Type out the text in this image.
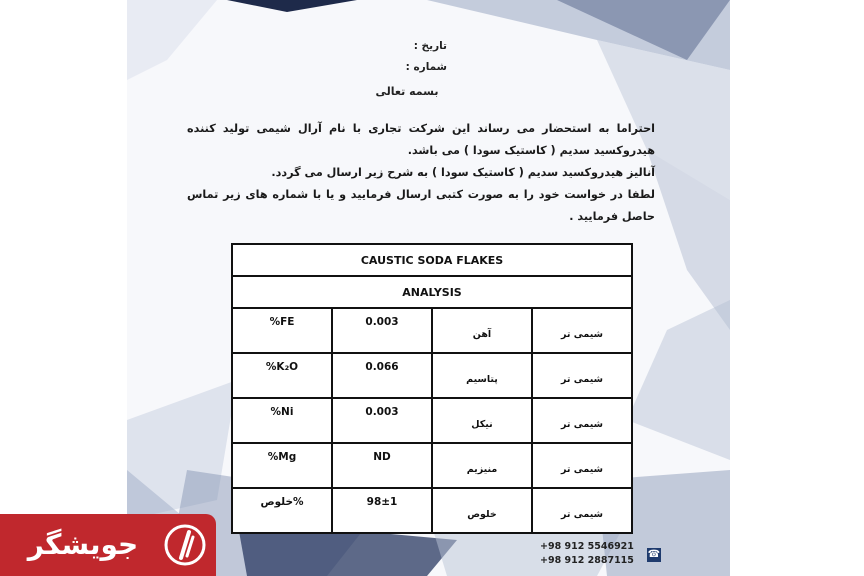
تاریخ :
شماره :
بسمه تعالی

احتراما به استحضار می رساند این شرکت تجاری با نام آرال شیمی تولید کننده

هیدروکسید سدیم ( کاستیک سودا ) می باشد.

آنالیز هیدروکسید سدیم ( کاستیک سودا ) به شرح زیر ارسال می گردد.

لطفا در خواست خود را به صورت کتبی ارسال فرمایید و یا با شماره های زیر تماس

حاصل فرمایید .

CAUSTIC SODA FLAKES			
ANALYSIS			
%FE	0.003	آهن	شیمی تر
%K₂O	0.066	پتاسیم	شیمی تر
%Ni	0.003	نیکل	شیمی تر
%Mg	ND	منیزیم	شیمی تر
خلوص%	98±1	خلوص	شیمی تر
+98 912 5546921
+98 912 2887115
☎
جویشگر
